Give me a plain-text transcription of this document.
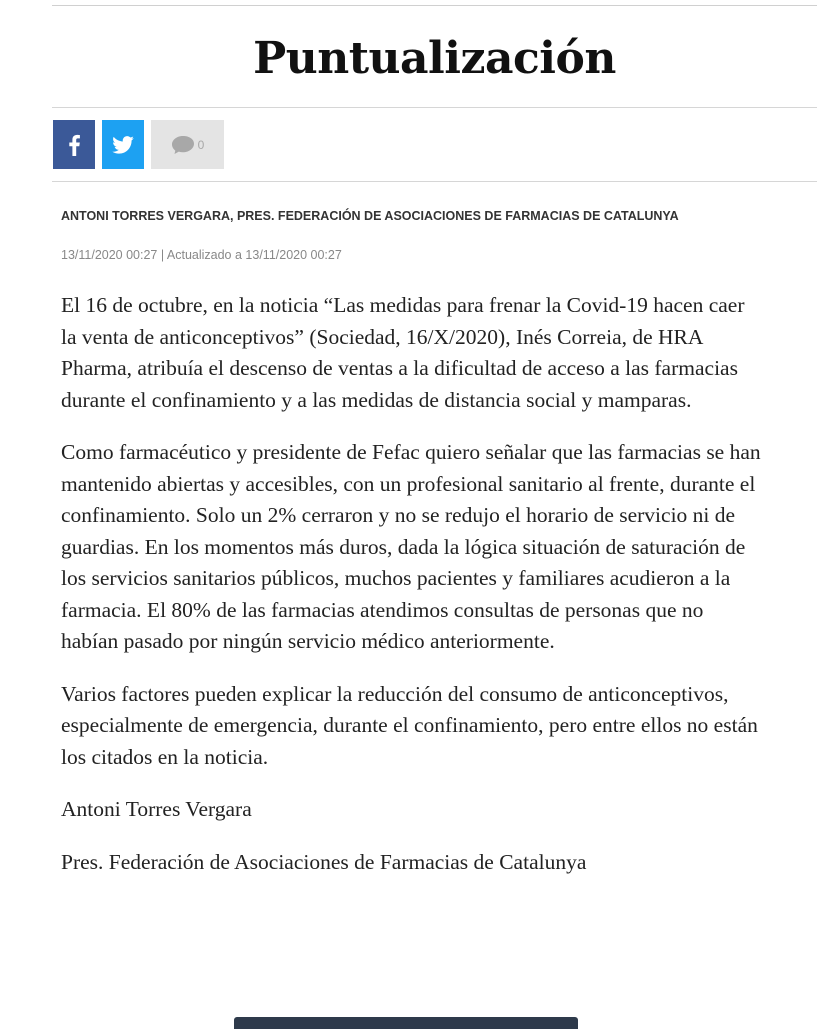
Puntualización
0

ANTONI TORRES VERGARA, PRES. FEDERACIÓN DE ASOCIACIONES DE FARMACIAS DE CATALUNYA

13/11/2020 00:27 | Actualizado a 13/11/2020 00:27

El 16 de octubre, en la noticia “Las medidas para frenar la Covid-19 hacen caer la venta de anticonceptivos” (Sociedad, 16/X/2020), Inés Correia, de HRA Pharma, atribuía el descenso de ventas a la dificultad de acceso a las farmacias durante el confinamiento y a las medidas de distancia social y mamparas.

Como farmacéutico y presidente de Fefac quiero señalar que las farmacias se han mantenido abiertas y accesibles, con un profesional sanitario al frente, durante el confinamiento. Solo un 2% cerraron y no se redujo el horario de servicio ni de guardias. En los momentos más duros, dada la lógica situación de saturación de los servicios sanitarios públicos, muchos pacientes y familiares acudieron a la farmacia. El 80% de las farmacias atendimos consultas de personas que no habían pasado por ningún servicio médico anteriormente.

Varios factores pueden explicar la reducción del consumo de anticonceptivos, especialmente de emergencia, durante el confinamiento, pero entre ellos no están los citados en la noticia.

Antoni Torres Vergara

Pres. Federación de Asociaciones de Farmacias de Catalunya
